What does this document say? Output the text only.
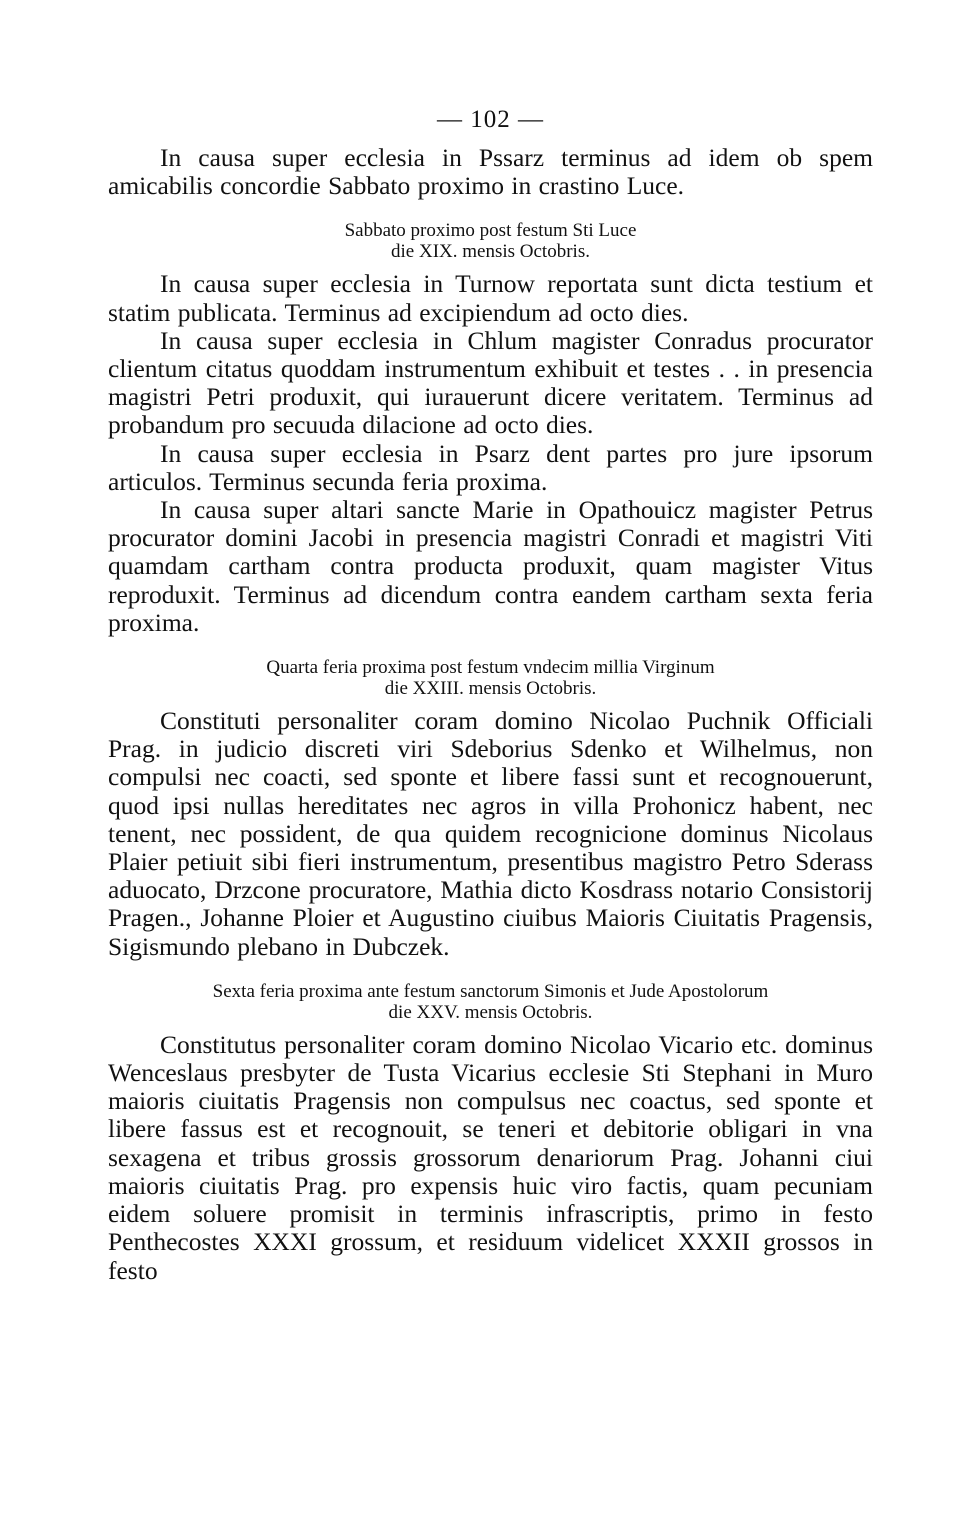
— 102 —

In causa super ecclesia in Pssarz terminus ad idem ob spem amicabilis concordie Sabbato proximo in crastino Luce.

Sabbato proximo post festum Sti Luce
die XIX. mensis Octobris.

In causa super ecclesia in Turnow reportata sunt dicta testium et statim publicata. Terminus ad excipiendum ad octo dies.

In causa super ecclesia in Chlum magister Conradus procurator clientum citatus quoddam instrumentum exhibuit et testes . . in presencia magistri Petri produxit, qui iurauerunt dicere veritatem. Terminus ad probandum pro secuuda dilacione ad octo dies.

In causa super ecclesia in Psarz dent partes pro jure ipsorum articulos. Terminus secunda feria proxima.

In causa super altari sancte Marie in Opathouicz magister Petrus procurator domini Jacobi in presencia magistri Conradi et magistri Viti quamdam cartham contra producta produxit, quam magister Vitus reproduxit. Terminus ad dicendum contra eandem cartham sexta feria proxima.

Quarta feria proxima post festum vndecim millia Virginum
die XXIII. mensis Octobris.

Constituti personaliter coram domino Nicolao Puchnik Officiali Prag. in judicio discreti viri Sdeborius Sdenko et Wilhelmus, non compulsi nec coacti, sed sponte et libere fassi sunt et recognouerunt, quod ipsi nullas hereditates nec agros in villa Prohonicz habent, nec tenent, nec possident, de qua quidem recognicione dominus Nicolaus Plaier petiuit sibi fieri instrumentum, presentibus magistro Petro Sderass aduocato, Drzcone procuratore, Mathia dicto Kosdrass notario Consistorij Pragen., Johanne Ploier et Augustino ciuibus Maioris Ciuitatis Pragensis, Sigismundo plebano in Dubczek.

Sexta feria proxima ante festum sanctorum Simonis et Jude Apostolorum
die XXV. mensis Octobris.

Constitutus personaliter coram domino Nicolao Vicario etc. dominus Wenceslaus presbyter de Tusta Vicarius ecclesie Sti Stephani in Muro maioris ciuitatis Pragensis non compulsus nec coactus, sed sponte et libere fassus est et recognouit, se teneri et debitorie obligari in vna sexagena et tribus grossis grossorum denariorum Prag. Johanni ciui maioris ciuitatis Prag. pro expensis huic viro factis, quam pecuniam eidem soluere promisit in terminis infrascriptis, primo in festo Penthecostes XXXI grossum, et residuum videlicet XXXII grossos in festo
